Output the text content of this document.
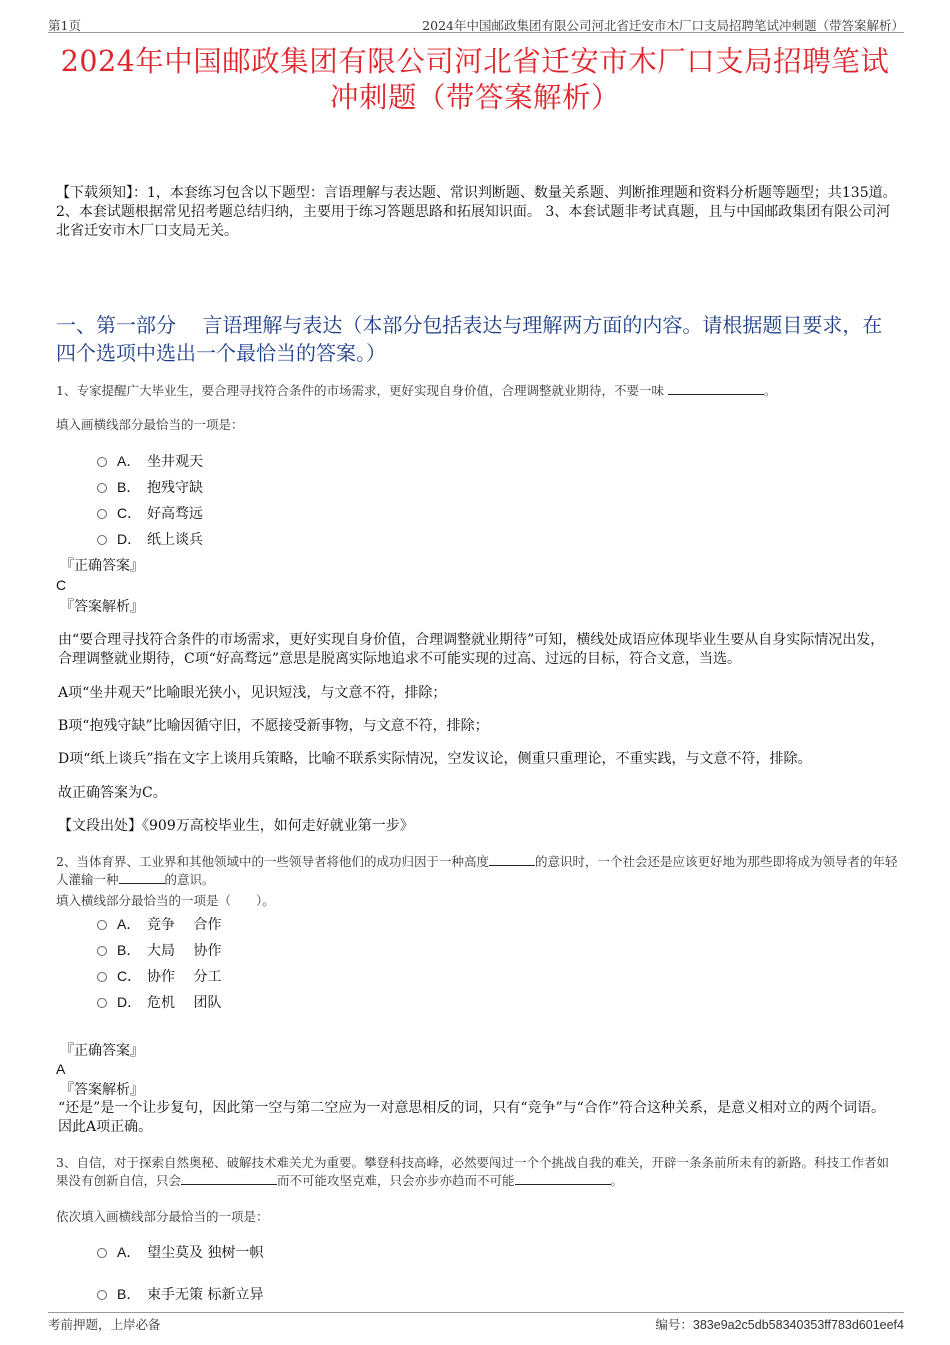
第1页	2024年中国邮政集团有限公司河北省迁安市木厂口支局招聘笔试冲刺题（带答案解析）
2024年中国邮政集团有限公司河北省迁安市木厂口支局招聘笔试冲刺题（带答案解析）
【下载须知】：1，本套练习包含以下题型：言语理解与表达题、常识判断题、数量关系题、判断推理题和资料分析题等题型；共135道。 2、本套试题根据常见招考题总结归纳，主要用于练习答题思路和拓展知识面。 3、本套试题非考试真题，且与中国邮政集团有限公司河北省迁安市木厂口支局无关。
一、第一部分　 言语理解与表达（本部分包括表达与理解两方面的内容。请根据题目要求，在四个选项中选出一个最恰当的答案。）
1、专家提醒广大毕业生，要合理寻找符合条件的市场需求，更好实现自身价值，合理调整就业期待，不要一味	。
填入画横线部分最恰当的一项是：
A． 坐井观天
B． 抱残守缺
C． 好高骛远
D． 纸上谈兵
『正确答案』
C
『答案解析』
由“要合理寻找符合条件的市场需求，更好实现自身价值，合理调整就业期待”可知，横线处成语应体现毕业生要从自身实际情况出发，合理调整就业期待，C项“好高骛远”意思是脱离实际地追求不可能实现的过高、过远的目标，符合文意，当选。
A项“坐井观天”比喻眼光狭小，见识短浅，与文意不符，排除；
B项“抱残守缺”比喻因循守旧，不愿接受新事物，与文意不符，排除；
D项“纸上谈兵”指在文字上谈用兵策略，比喻不联系实际情况，空发议论，侧重只重理论，不重实践，与文意不符，排除。
故正确答案为C。
【文段出处】《909万高校毕业生，如何走好就业第一步》
2、当体育界、工业界和其他领域中的一些领导者将他们的成功归因于一种高度	的意识时，一个社会还是应该更好地为那些即将成为领导者的年轻人灌输一种	的意识。
填入横线部分最恰当的一项是（　　）。
A． 竞争　 合作
B． 大局　 协作
C． 协作　 分工
D． 危机　 团队
『正确答案』
A
『答案解析』
“还是”是一个让步复句，因此第一空与第二空应为一对意思相反的词，只有“竞争”与“合作”符合这种关系，是意义相对立的两个词语。因此A项正确。
3、自信，对于探索自然奥秘、破解技术难关尤为重要。攀登科技高峰，必然要闯过一个个挑战自我的难关，开辟一条条前所未有的新路。科技工作者如果没有创新自信，只会	而不可能攻坚克难，只会亦步亦趋而不可能	。
依次填入画横线部分最恰当的一项是：
A． 望尘莫及 独树一帜
B． 束手无策 标新立异
考前押题，上岸必备	编号：383e9a2c5db58340353ff783d601eef4
